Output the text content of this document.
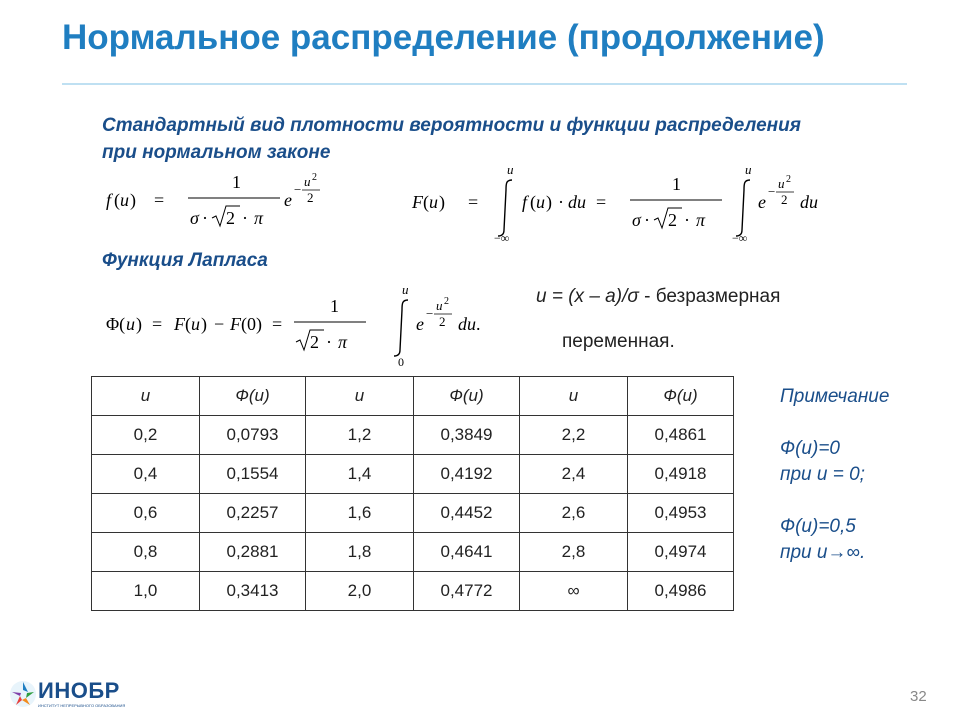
Нормальное распределение (продолжение)
Стандартный вид плотности вероятности и функции распределения при нормальном законе
f ( u ) =
1
σ · 2 · π
e
−
u 2
2	F ( u ) =
u
−∞
f ( u ) · du =
1
σ · 2 · π
u
−∞
e
−
u 2
2 du
Функция Лапласа
Φ( u ) = F ( u ) − F (0) =
1
2 · π
u
0
e
−
u 2
2 du .
u = (x – a)/σ - безразмерная
переменная.
u	Ф(u)	u	Ф(u)	u	Ф(u)
0,2	0,0793	1,2	0,3849	2,2	0,4861
0,4	0,1554	1,4	0,4192	2,4	0,4918
0,6	0,2257	1,6	0,4452	2,6	0,4953
0,8	0,2881	1,8	0,4641	2,8	0,4974
1,0	0,3413	2,0	0,4772	∞	0,4986
Примечание
Ф(u)=0
при u = 0;
Ф(u)=0,5
при u→∞.
ИНОБР
ИНСТИТУТ НЕПРЕРЫВНОГО ОБРАЗОВАНИЯ
32
